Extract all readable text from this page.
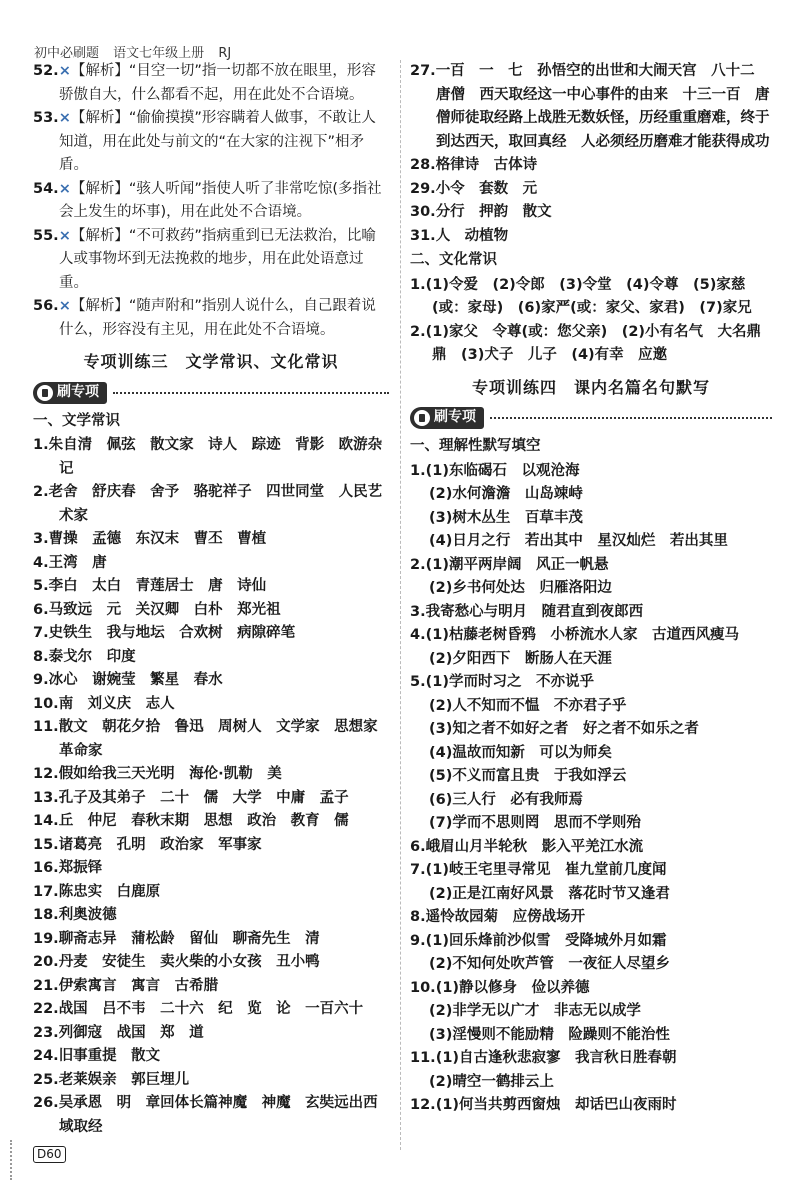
初中必刷题 语文七年级上册 RJ
52.×【解析】“目空一切”指一切都不放在眼里，形容骄傲自大，什么都看不起，用在此处不合语境。
53.×【解析】“偷偷摸摸”形容瞒着人做事，不敢让人知道，用在此处与前文的“在大家的注视下”相矛盾。
54.×【解析】“骇人听闻”指使人听了非常吃惊(多指社会上发生的坏事)，用在此处不合语境。
55.×【解析】“不可救药”指病重到已无法救治，比喻人或事物坏到无法挽救的地步，用在此处语意过重。
56.×【解析】“随声附和”指别人说什么，自己跟着说什么，形容没有主见，用在此处不合语境。
专项训练三　文学常识、文化常识
刷专项
一、文学常识
1.朱自清　佩弦　散文家　诗人　踪迹　背影　欧游杂记
2.老舍　舒庆春　舍予　骆驼祥子　四世同堂　人民艺术家
3.曹操　孟德　东汉末　曹丕　曹植
4.王湾　唐
5.李白　太白　青莲居士　唐　诗仙
6.马致远　元　关汉卿　白朴　郑光祖
7.史铁生　我与地坛　合欢树　病隙碎笔
8.泰戈尔　印度
9.冰心　谢婉莹　繁星　春水
10.南　刘义庆　志人
11.散文　朝花夕拾　鲁迅　周树人　文学家　思想家　革命家
12.假如给我三天光明　海伦·凯勒　美
13.孔子及其弟子　二十　儒　大学　中庸　孟子
14.丘　仲尼　春秋末期　思想　政治　教育　儒
15.诸葛亮　孔明　政治家　军事家
16.郑振铎
17.陈忠实　白鹿原
18.利奥波德
19.聊斋志异　蒲松龄　留仙　聊斋先生　清
20.丹麦　安徒生　卖火柴的小女孩　丑小鸭
21.伊索寓言　寓言　古希腊
22.战国　吕不韦　二十六　纪　览　论　一百六十
23.列御寇　战国　郑　道
24.旧事重提　散文
25.老莱娱亲　郭巨埋儿
26.吴承恩　明　章回体长篇神魔　神魔　玄奘远出西域取经
27.一百　一　七　孙悟空的出世和大闹天宫　八十二　唐僧　西天取经这一中心事件的由来　十三一百　唐僧师徒取经路上战胜无数妖怪，历经重重磨难，终于到达西天，取回真经　人必须经历磨难才能获得成功
28.格律诗　古体诗
29.小令　套数　元
30.分行　押韵　散文
31.人　动植物
二、文化常识
1.(1)令爱　(2)令郎　(3)令堂　(4)令尊　(5)家慈(或：家母)　(6)家严(或：家父、家君)　(7)家兄
2.(1)家父　令尊(或：您父亲)　(2)小有名气　大名鼎鼎　(3)犬子　儿子　(4)有幸　应邀
专项训练四　课内名篇名句默写
刷专项
一、理解性默写填空
1.(1)东临碣石　以观沧海
(2)水何澹澹　山岛竦峙
(3)树木丛生　百草丰茂
(4)日月之行　若出其中　星汉灿烂　若出其里
2.(1)潮平两岸阔　风正一帆悬
(2)乡书何处达　归雁洛阳边
3.我寄愁心与明月　随君直到夜郎西
4.(1)枯藤老树昏鸦　小桥流水人家　古道西风瘦马
(2)夕阳西下　断肠人在天涯
5.(1)学而时习之　不亦说乎
(2)人不知而不愠　不亦君子乎
(3)知之者不如好之者　好之者不如乐之者
(4)温故而知新　可以为师矣
(5)不义而富且贵　于我如浮云
(6)三人行　必有我师焉
(7)学而不思则罔　思而不学则殆
6.峨眉山月半轮秋　影入平羌江水流
7.(1)岐王宅里寻常见　崔九堂前几度闻
(2)正是江南好风景　落花时节又逢君
8.遥怜故园菊　应傍战场开
9.(1)回乐烽前沙似雪　受降城外月如霜
(2)不知何处吹芦管　一夜征人尽望乡
10.(1)静以修身　俭以养德
(2)非学无以广才　非志无以成学
(3)淫慢则不能励精　险躁则不能治性
11.(1)自古逢秋悲寂寥　我言秋日胜春朝
(2)晴空一鹤排云上
12.(1)何当共剪西窗烛　却话巴山夜雨时
D60
